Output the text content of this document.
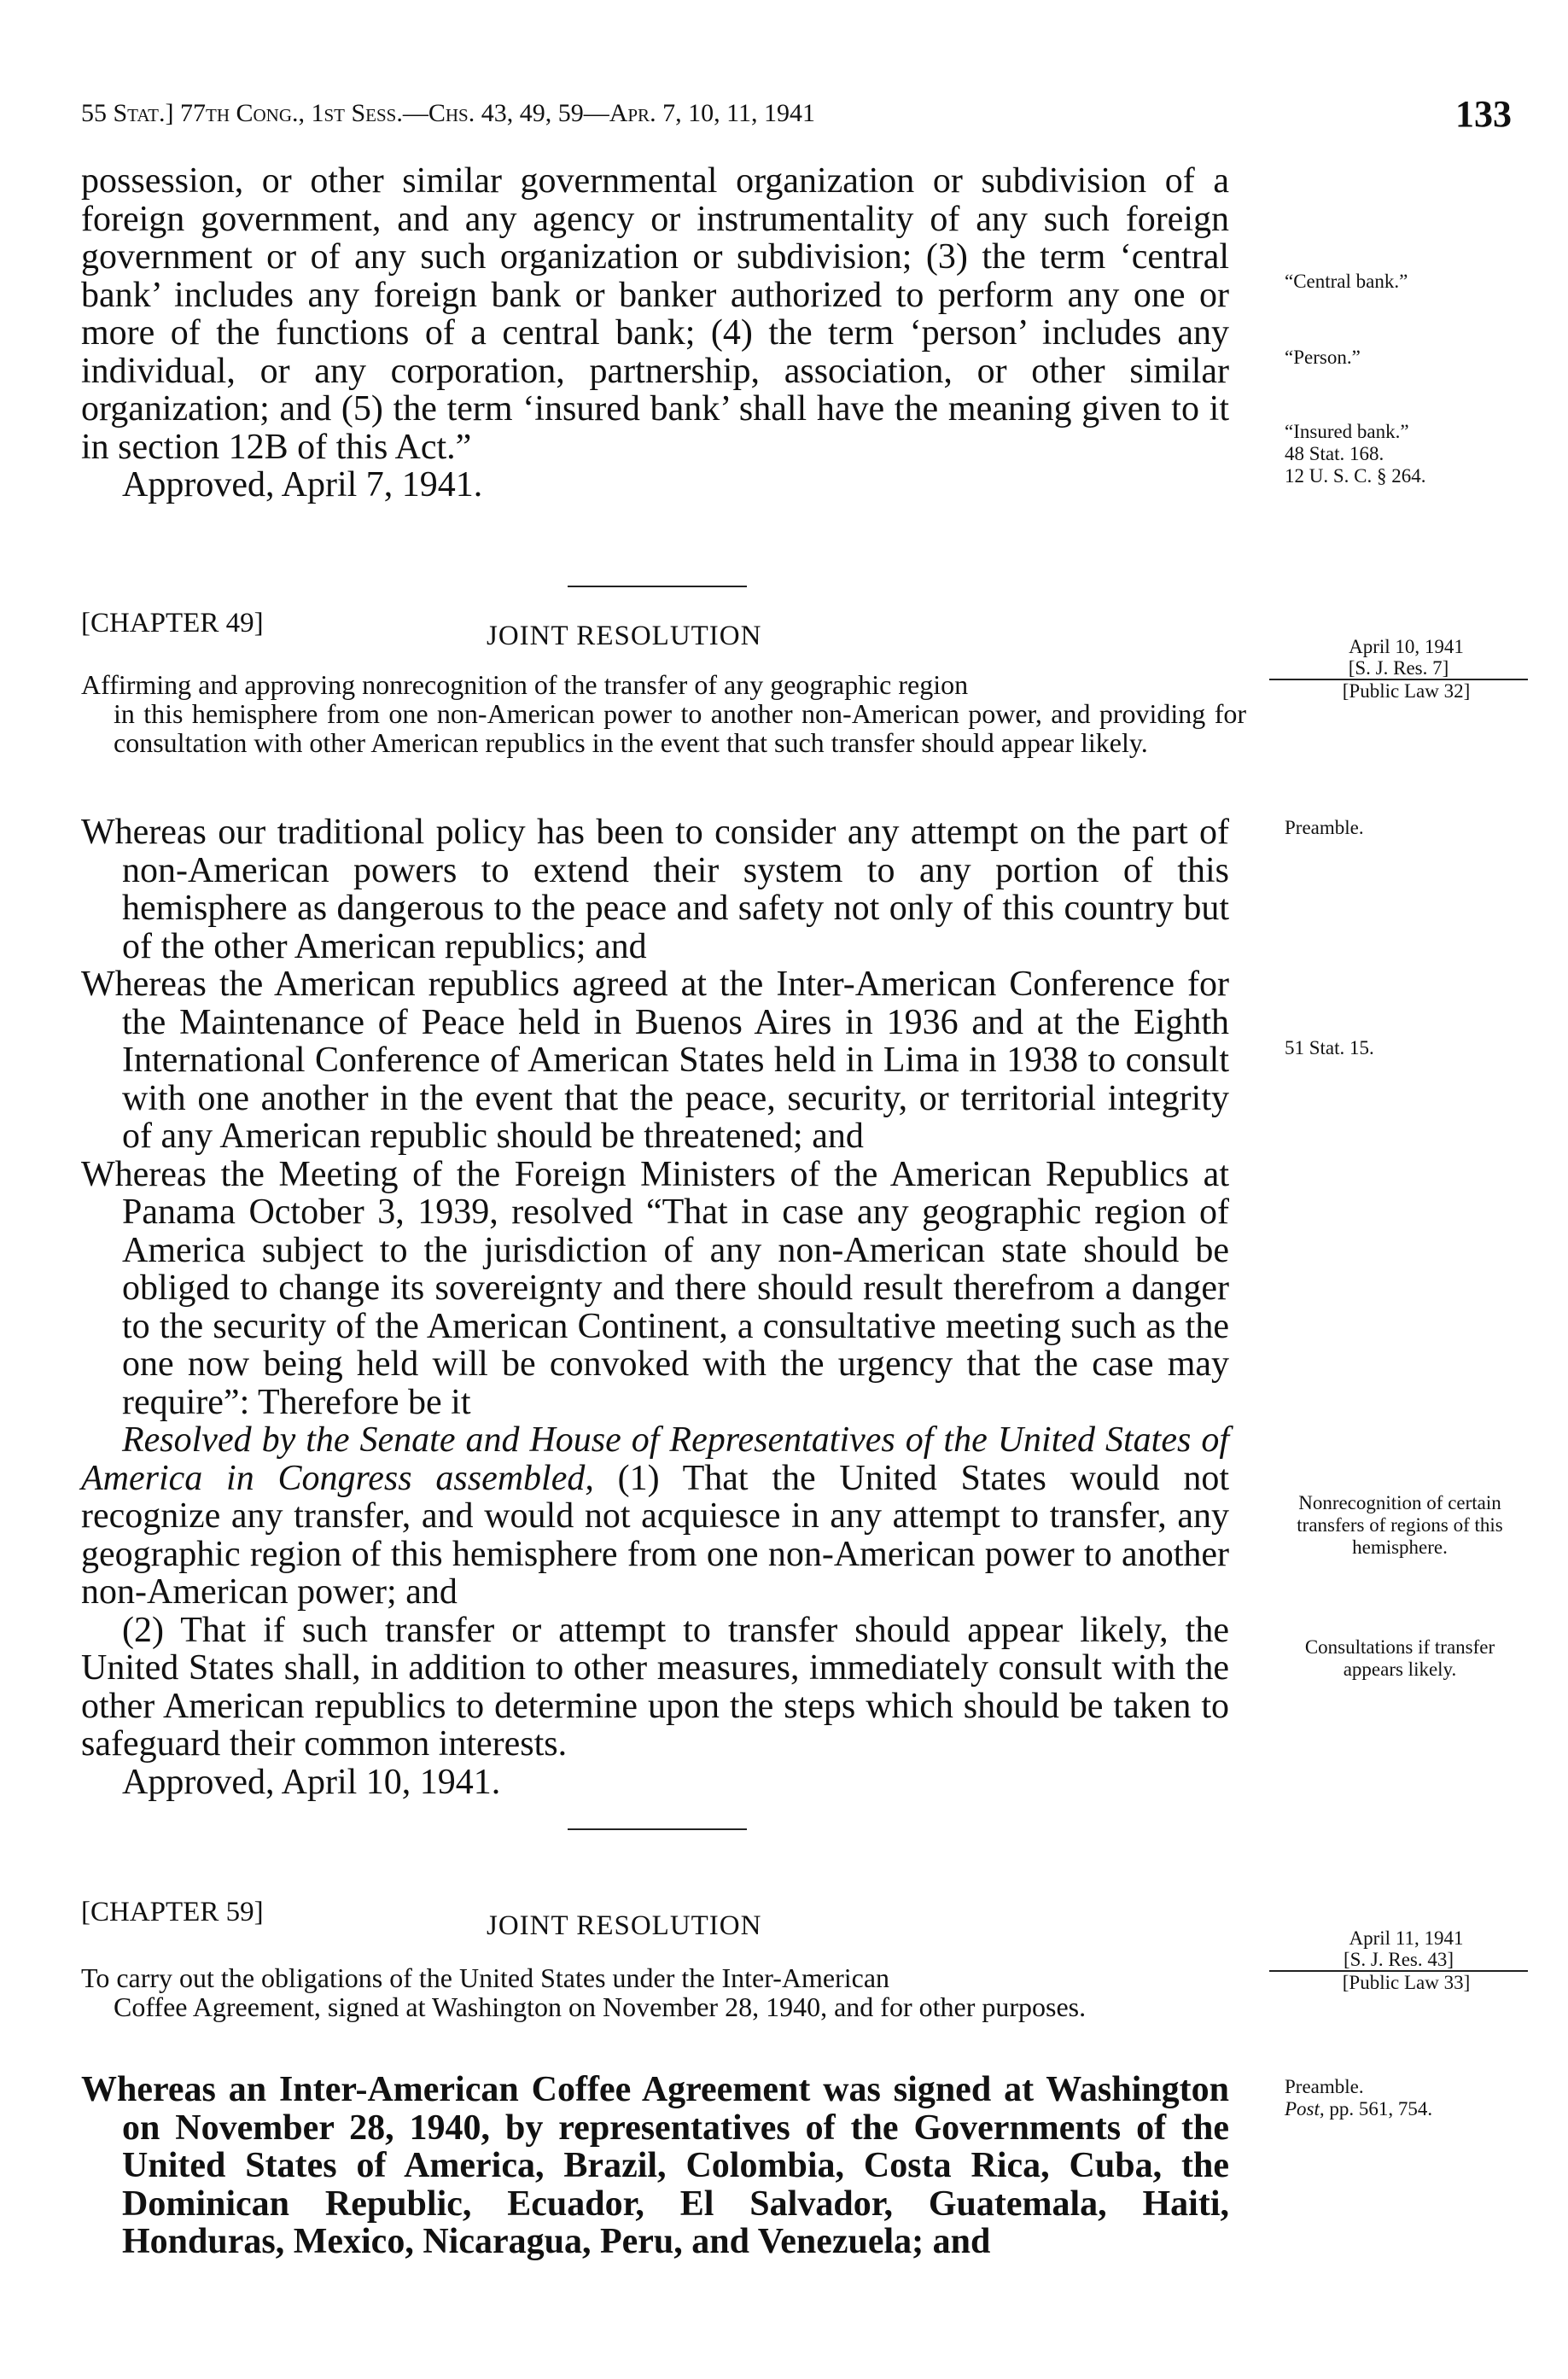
55 Stat.] 77th Cong., 1st Sess.—Chs. 43, 49, 59—Apr. 7, 10, 11, 1941	133

possession, or other similar governmental organization or subdivision of a foreign government, and any agency or instrumentality of any such foreign government or of any such organization or subdivision; (3) the term ‘central bank’ includes any foreign bank or banker authorized to perform any one or more of the functions of a central bank; (4) the term ‘person’ includes any individual, or any corporation, partnership, association, or other similar organization; and (5) the term ‘insured bank’ shall have the meaning given to it in section 12B of this Act.”

Approved, April 7, 1941.

“Central bank.”
“Person.”
“Insured bank.”
48 Stat. 168.
12 U. S. C. § 264.
[CHAPTER 49]	JOINT RESOLUTION	April 10, 1941
[S. J. Res. 7]
[Public Law 32]
Affirming and approving nonrecognition of the transfer of any geographic region
in this hemisphere from one non-American power to another non-American power, and providing for consultation with other American republics in the event that such transfer should appear likely.

Whereas our traditional policy has been to consider any attempt on the part of non-American powers to extend their system to any portion of this hemisphere as dangerous to the peace and safety not only of this country but of the other American republics; and

Whereas the American republics agreed at the Inter-American Conference for the Maintenance of Peace held in Buenos Aires in 1936 and at the Eighth International Conference of American States held in Lima in 1938 to consult with one another in the event that the peace, security, or territorial integrity of any American republic should be threatened; and

Whereas the Meeting of the Foreign Ministers of the American Republics at Panama October 3, 1939, resolved “That in case any geographic region of America subject to the jurisdiction of any non-American state should be obliged to change its sovereignty and there should result therefrom a danger to the security of the American Continent, a consultative meeting such as the one now being held will be convoked with the urgency that the case may require”: Therefore be it

Resolved by the Senate and House of Representatives of the United States of America in Congress assembled, (1) That the United States would not recognize any transfer, and would not acquiesce in any attempt to transfer, any geographic region of this hemisphere from one non-American power to another non-American power; and

(2) That if such transfer or attempt to transfer should appear likely, the United States shall, in addition to other measures, immediately consult with the other American republics to determine upon the steps which should be taken to safeguard their common interests.

Approved, April 10, 1941.

Preamble.
51 Stat. 15.
Nonrecognition of certain transfers of regions of this hemisphere.
Consultations if transfer appears likely.
[CHAPTER 59]	JOINT RESOLUTION	April 11, 1941
[S. J. Res. 43]
[Public Law 33]
To carry out the obligations of the United States under the Inter-American
Coffee Agreement, signed at Washington on November 28, 1940, and for other purposes.

Whereas an Inter-American Coffee Agreement was signed at Washington on November 28, 1940, by representatives of the Governments of the United States of America, Brazil, Colombia, Costa Rica, Cuba, the Dominican Republic, Ecuador, El Salvador, Guatemala, Haiti, Honduras, Mexico, Nicaragua, Peru, and Venezuela; and

Preamble.
Post, pp. 561, 754.
